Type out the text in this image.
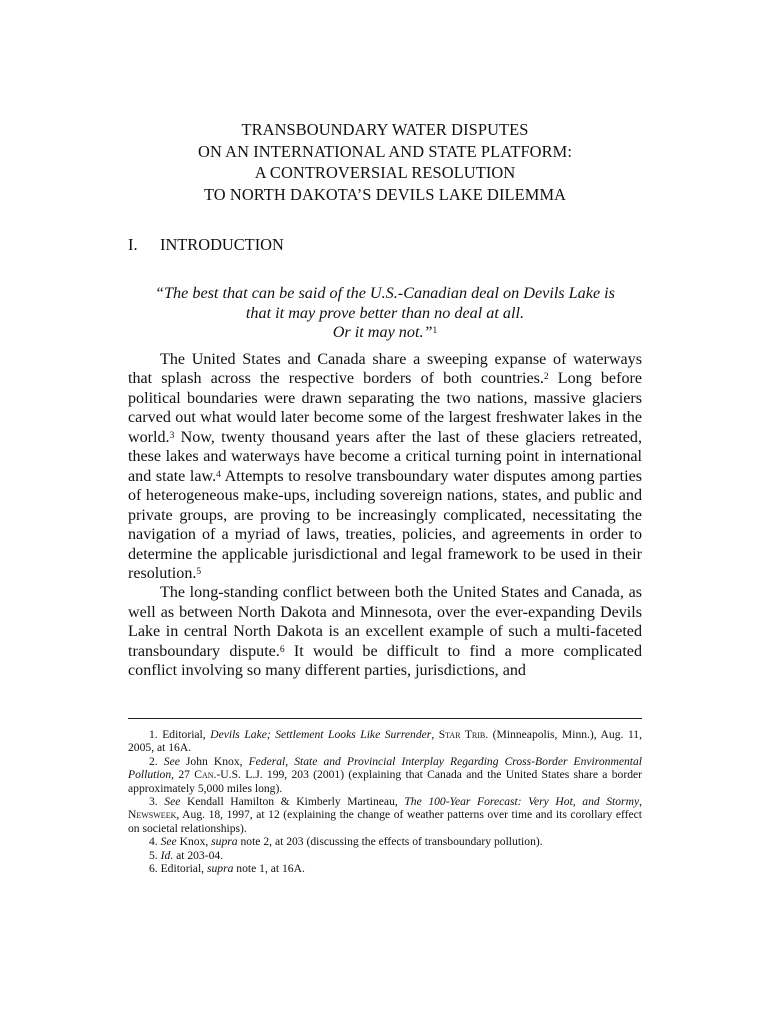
TRANSBOUNDARY WATER DISPUTES
ON AN INTERNATIONAL AND STATE PLATFORM:
A CONTROVERSIAL RESOLUTION
TO NORTH DAKOTA’S DEVILS LAKE DILEMMA
I. INTRODUCTION
“The best that can be said of the U.S.-Canadian deal on Devils Lake is
that it may prove better than no deal at all.
Or it may not.”$^1$

The United States and Canada share a sweeping expanse of waterways that splash across the respective borders of both countries.$^2$ Long before political boundaries were drawn separating the two nations, massive glaciers carved out what would later become some of the largest freshwater lakes in the world.$^3$ Now, twenty thousand years after the last of these glaciers retreated, these lakes and waterways have become a critical turning point in international and state law.$^4$ Attempts to resolve transboundary water disputes among parties of heterogeneous make-ups, including sovereign nations, states, and public and private groups, are proving to be increasingly complicated, necessitating the navigation of a myriad of laws, treaties, policies, and agreements in order to determine the applicable jurisdictional and legal framework to be used in their resolution.$^5$

The long-standing conflict between both the United States and Canada, as well as between North Dakota and Minnesota, over the ever-expanding Devils Lake in central North Dakota is an excellent example of such a multi-faceted transboundary dispute.$^6$ It would be difficult to find a more complicated conflict involving so many different parties, jurisdictions, and

1. Editorial, Devils Lake; Settlement Looks Like Surrender, Star Trib. (Minneapolis, Minn.), Aug. 11, 2005, at 16A.

2. See John Knox, Federal, State and Provincial Interplay Regarding Cross-Border Environmental Pollution, 27 Can.-U.S. L.J. 199, 203 (2001) (explaining that Canada and the United States share a border approximately 5,000 miles long).

3. See Kendall Hamilton & Kimberly Martineau, The 100-Year Forecast: Very Hot, and Stormy, Newsweek, Aug. 18, 1997, at 12 (explaining the change of weather patterns over time and its corollary effect on societal relationships).

4. See Knox, supra note 2, at 203 (discussing the effects of transboundary pollution).

5. Id. at 203-04.

6. Editorial, supra note 1, at 16A.
